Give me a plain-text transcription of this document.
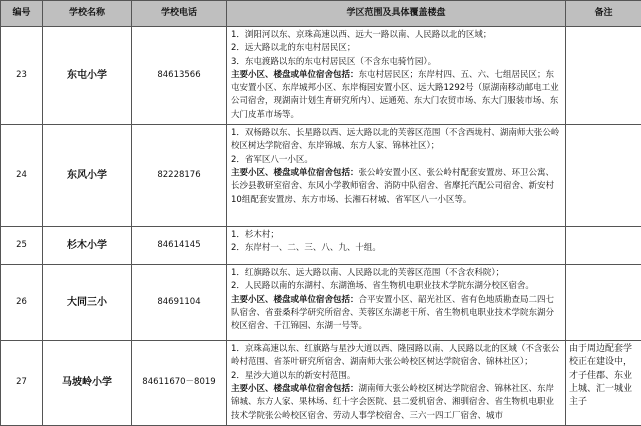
编号	学校名称	学校电话	学区范围及具体覆盖楼盘	备注
23	东屯小学	84613566	1．浏阳河以东、京珠高速以西、远大一路以南、人民路以北的区域；
2．远大路以北的东屯村居民区；
3．东屯渡路以东的东屯村居民区（不含东屯骑竹园）。
主要小区、楼盘或单位宿舍包括：东屯村居民区；东岸村四、五、六、七组居民区；东屯安置小区、东岸城邦小区、东岸梅园安置小区、远大路1292号（原湖南移动邮电工业公司宿舍，现湖南计划生育研究所内）、远通苑、东大门农贸市场、东大门服装市场、东大门皮革市场等。	

24	东风小学	82228176	1．双杨路以东、长星路以西、远大路以北的芙蓉区范围（不含西垅村、湖南师大张公岭校区树达学院宿舍、东岸锦城、东方人家、锦林社区）；
2．省军区八一小区。
主要小区、楼盘或单位宿舍包括：张公岭安置小区、张公岭村配套安置房、环卫公寓、长沙县教研室宿舍、东风小学教师宿舍、消防中队宿舍、省摩托汽配公司宿舍、新安村10组配套安置房、东方市场、长湘石材城、省军区八一小区等。	

25	杉木小学	84614145	1．杉木村；
2．东岸村一、二、三、八、九、十组。	

26	大同三小	84691104	1．红旗路以东、远大路以南、人民路以北的芙蓉区范围（不含农科院）；
2．人民路以南的东湖村、东湖渔场、省生物机电职业技术学院东湖分校区宿舍。
主要小区、楼盘或单位宿舍包括：合平安置小区、韶光社区、省有色地质勘查局二四七队宿舍、省蚕桑科学研究所宿舍、芙蓉区东湖老干所、省生物机电职业技术学院东湖分校区宿舍、千江锦园、东湖一号等。	

27	马坡岭小学	84611670－8019	1．京珠高速以东、红旗路与星沙大道以西、隆园路以南、人民路以北的区域（不含张公岭村范围、省茶叶研究所宿舍、湖南师大张公岭校区树达学院宿舍、锦林社区）；
2．星沙大道以东的新安村范围。
主要小区、楼盘或单位宿舍包括：湖南师大张公岭校区树达学院宿舍、锦林社区、东岸锦城、东方人家、果林场、红十字会医院、县二爱机宿舍、湘驯宿舍、省生物机电职业技术学院张公岭校区宿舍、劳动人事学校宿舍、三六一四工厂宿舍、城市	由于周边配套学校正在建设中，才子佳郡、东业上城、汇一城业主子
